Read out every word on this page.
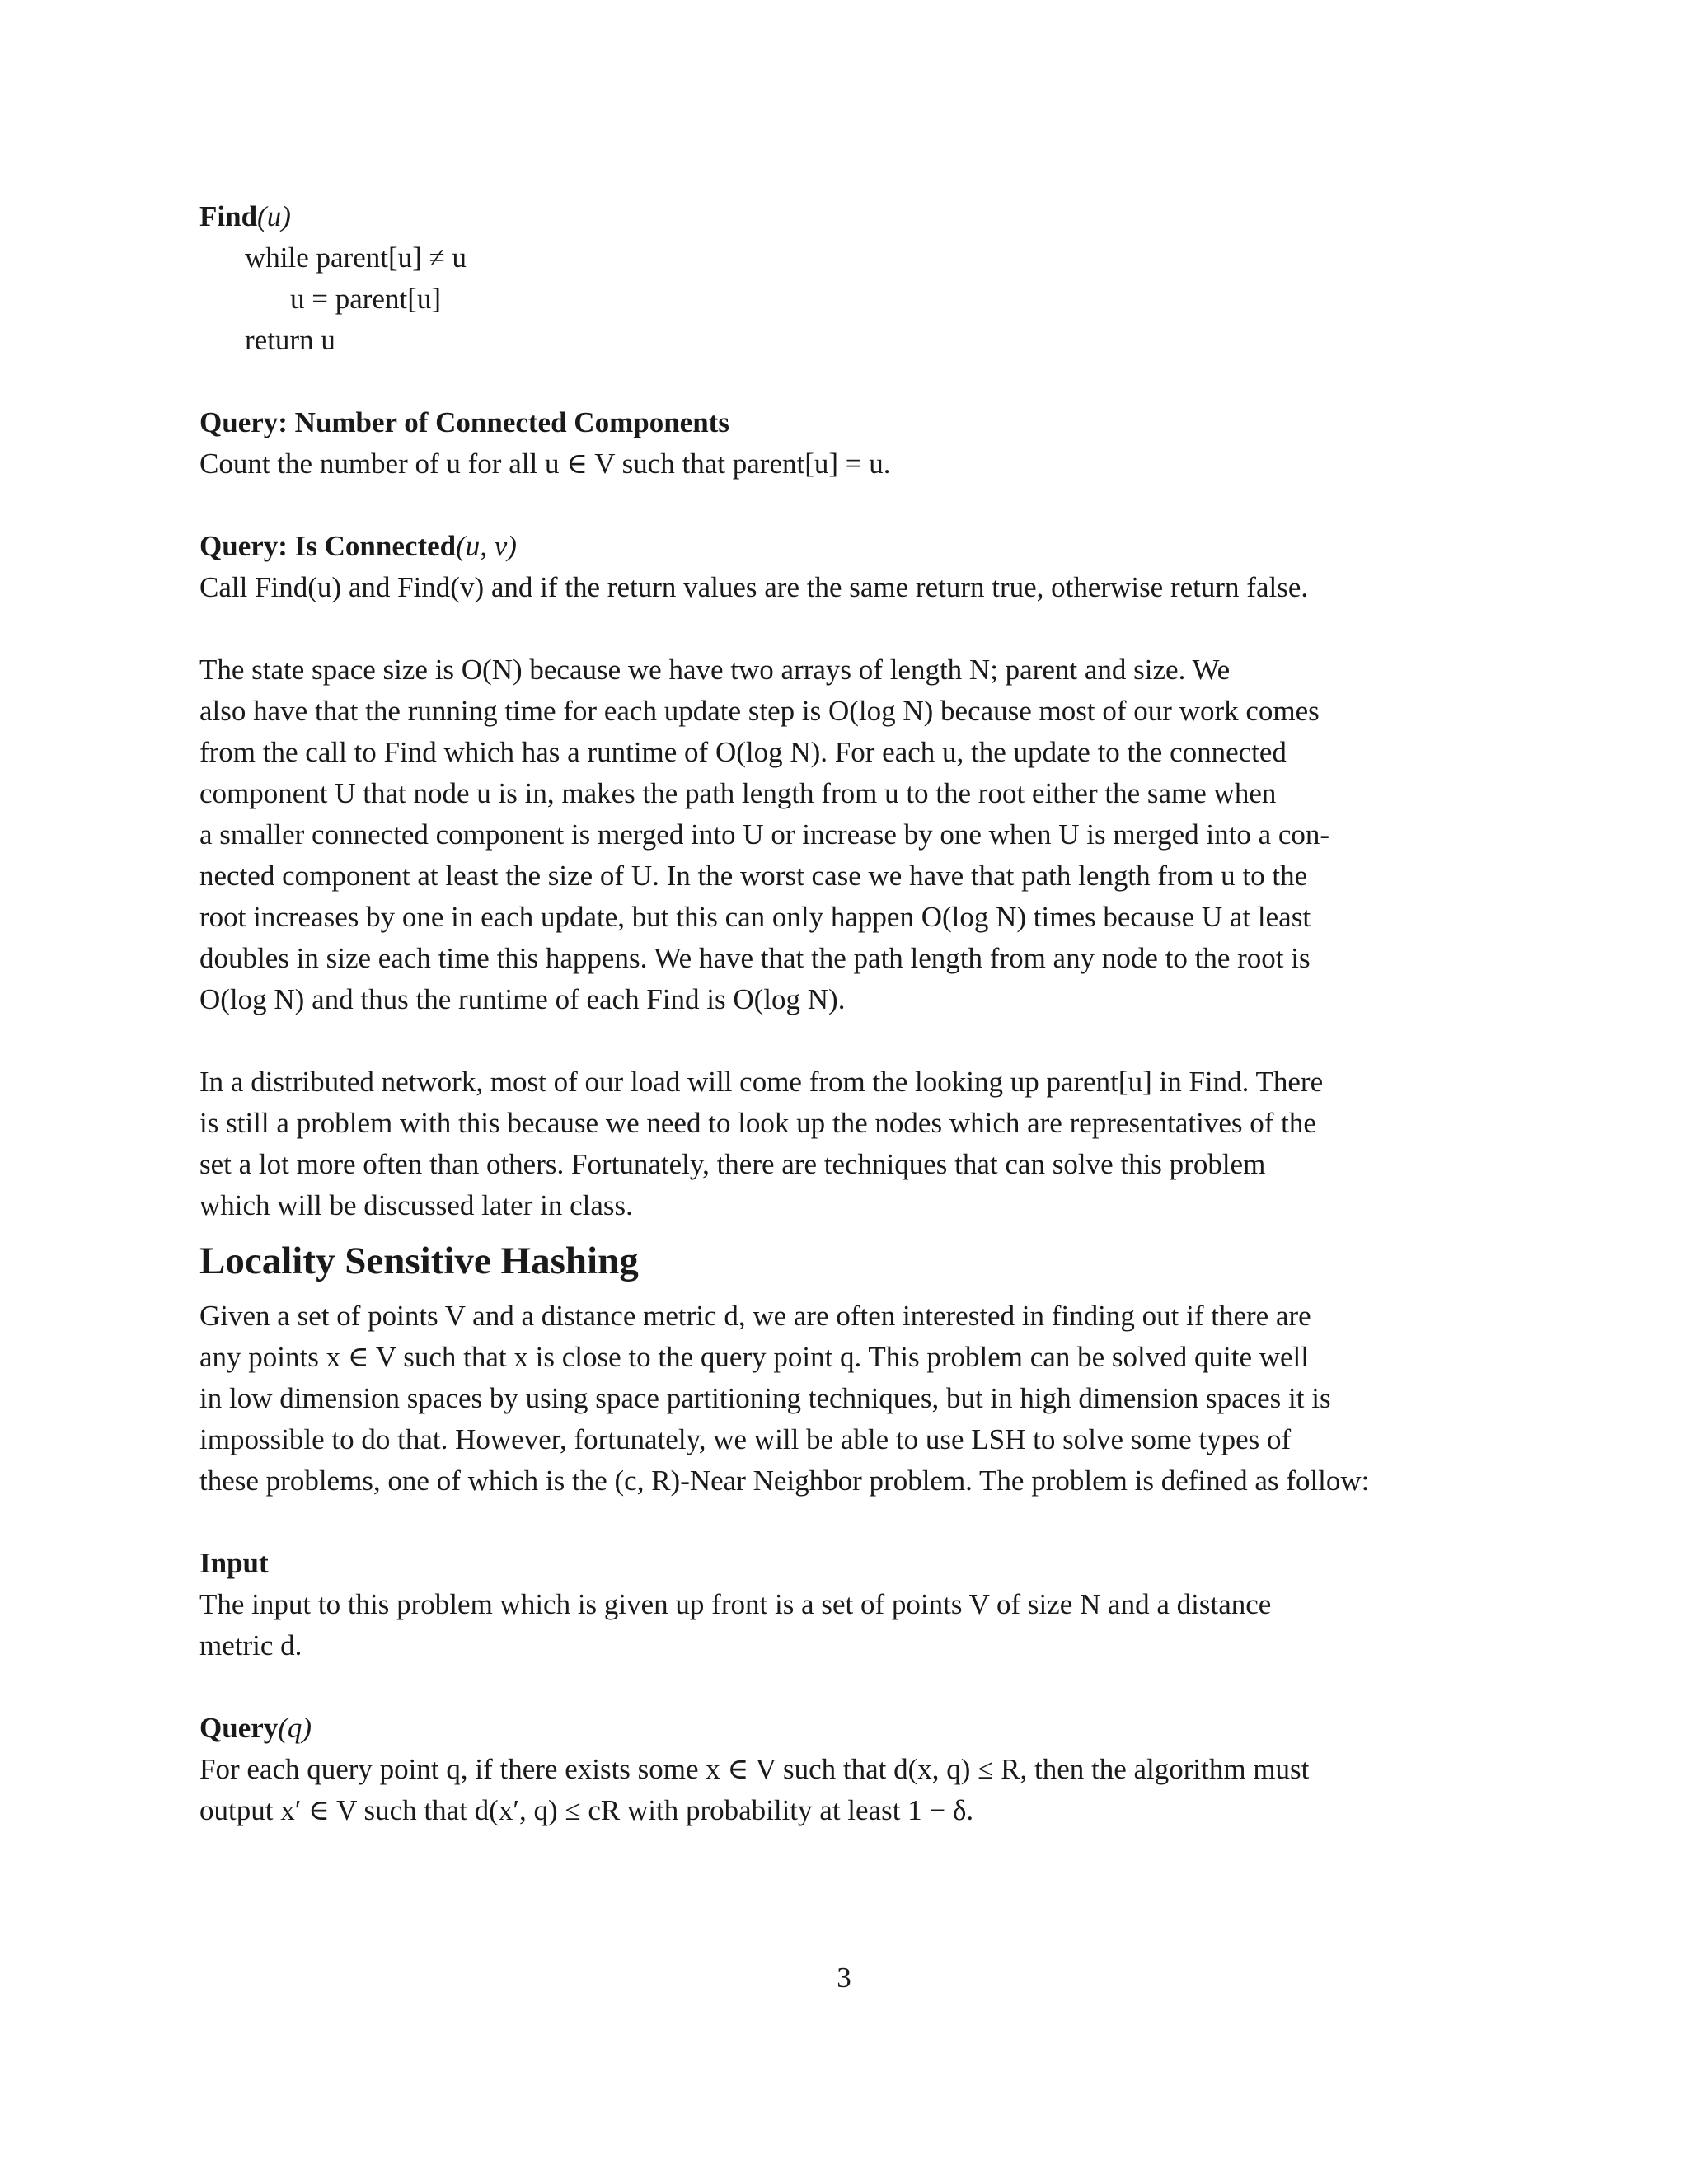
Find(u)
while parent[u] ≠ u
u = parent[u]
return u
Query: Number of Connected Components
Count the number of u for all u ∈ V such that parent[u] = u.
Query: Is Connected(u, v)
Call Find(u) and Find(v) and if the return values are the same return true, otherwise return false.
The state space size is O(N) because we have two arrays of length N; parent and size. We
also have that the running time for each update step is O(log N) because most of our work comes
from the call to Find which has a runtime of O(log N). For each u, the update to the connected
component U that node u is in, makes the path length from u to the root either the same when
a smaller connected component is merged into U or increase by one when U is merged into a con-
nected component at least the size of U. In the worst case we have that path length from u to the
root increases by one in each update, but this can only happen O(log N) times because U at least
doubles in size each time this happens. We have that the path length from any node to the root is
O(log N) and thus the runtime of each Find is O(log N).
In a distributed network, most of our load will come from the looking up parent[u] in Find. There
is still a problem with this because we need to look up the nodes which are representatives of the
set a lot more often than others. Fortunately, there are techniques that can solve this problem
which will be discussed later in class.
Locality Sensitive Hashing
Given a set of points V and a distance metric d, we are often interested in finding out if there are
any points x ∈ V such that x is close to the query point q. This problem can be solved quite well
in low dimension spaces by using space partitioning techniques, but in high dimension spaces it is
impossible to do that. However, fortunately, we will be able to use LSH to solve some types of
these problems, one of which is the (c, R)-Near Neighbor problem. The problem is defined as follow:
Input
The input to this problem which is given up front is a set of points V of size N and a distance
metric d.
Query(q)
For each query point q, if there exists some x ∈ V such that d(x, q) ≤ R, then the algorithm must
output x′ ∈ V such that d(x′, q) ≤ cR with probability at least 1 − δ.
3
